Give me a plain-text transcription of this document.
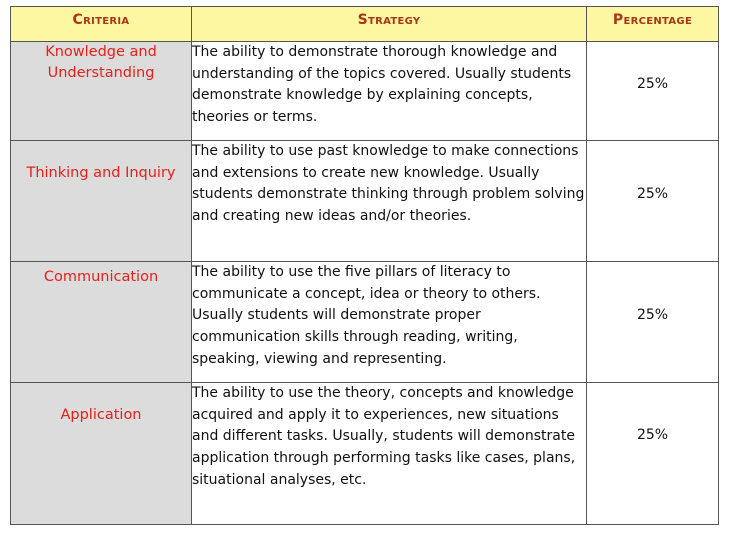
Criteria	Strategy	Percentage

Knowledge and
Understanding	The ability to demonstrate thorough knowledge and understanding of the topics covered. Usually students demonstrate knowledge by explaining concepts, theories or terms.	25%

Thinking and Inquiry	The ability to use past knowledge to make connections and extensions to create new knowledge. Usually students demonstrate thinking through problem solving and creating new ideas and/or theories.	25%

Communication	The ability to use the five pillars of literacy to communicate a concept, idea or theory to others. Usually students will demonstrate proper communication skills through reading, writing, speaking, viewing and representing.	25%

Application	The ability to use the theory, concepts and knowledge acquired and apply it to experiences, new situations and different tasks. Usually, students will demonstrate application through performing tasks like cases, plans, situational analyses, etc.	25%
